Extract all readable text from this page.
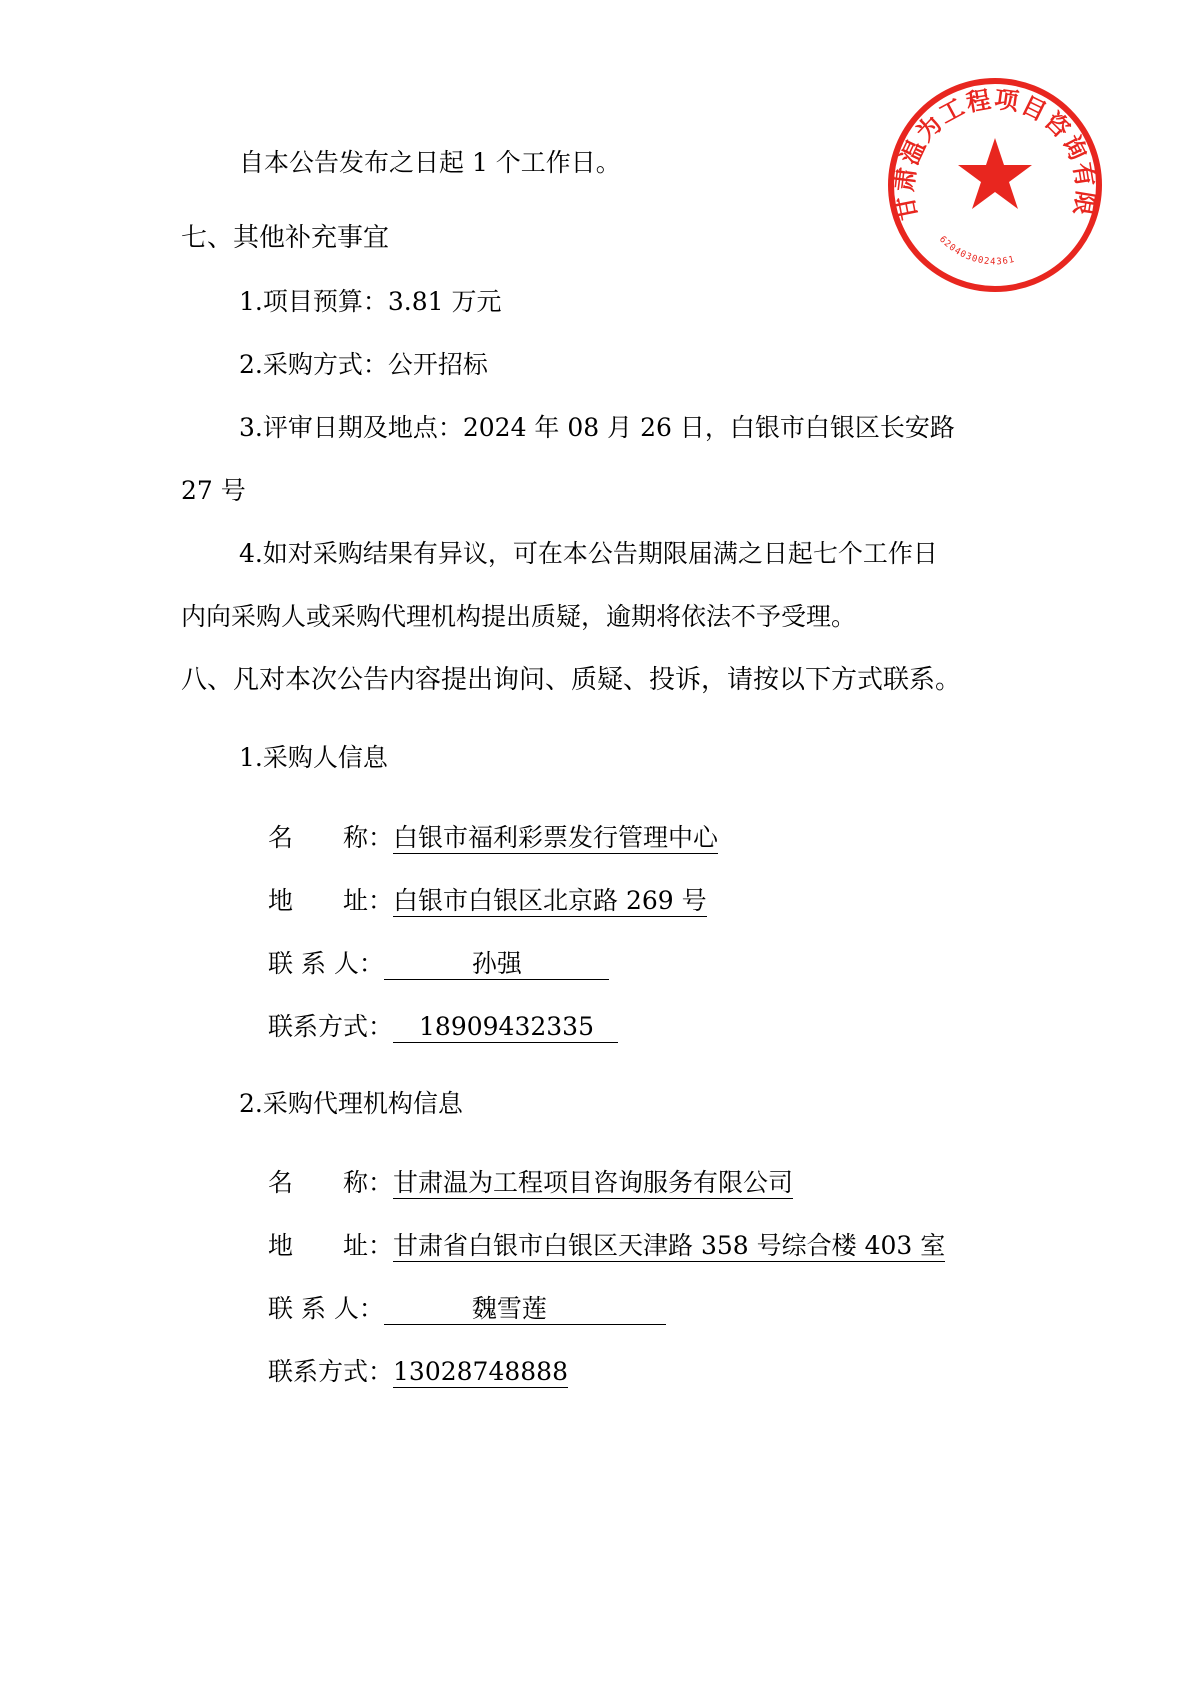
甘肃温为工程项目咨询有限
6204030024361
自本公告发布之日起 1 个工作日。
七、其他补充事宜
1.项目预算：3.81 万元
2.采购方式：公开招标
3.评审日期及地点：2024 年 08 月 26 日，白银市白银区长安路
27 号
4.如对采购结果有异议，可在本公告期限届满之日起七个工作日
内向采购人或采购代理机构提出质疑，逾期将依法不予受理。
八、凡对本次公告内容提出询问、质疑、投诉，请按以下方式联系。
1.采购人信息
名　　称：白银市福利彩票发行管理中心
地　　址：白银市白银区北京路 269 号
联 系 人：	孙强
联系方式： 18909432335
2.采购代理机构信息
名　　称：甘肃温为工程项目咨询服务有限公司
地　　址：甘肃省白银市白银区天津路 358 号综合楼 403 室
联 系 人：	魏雪莲
联系方式：13028748888
